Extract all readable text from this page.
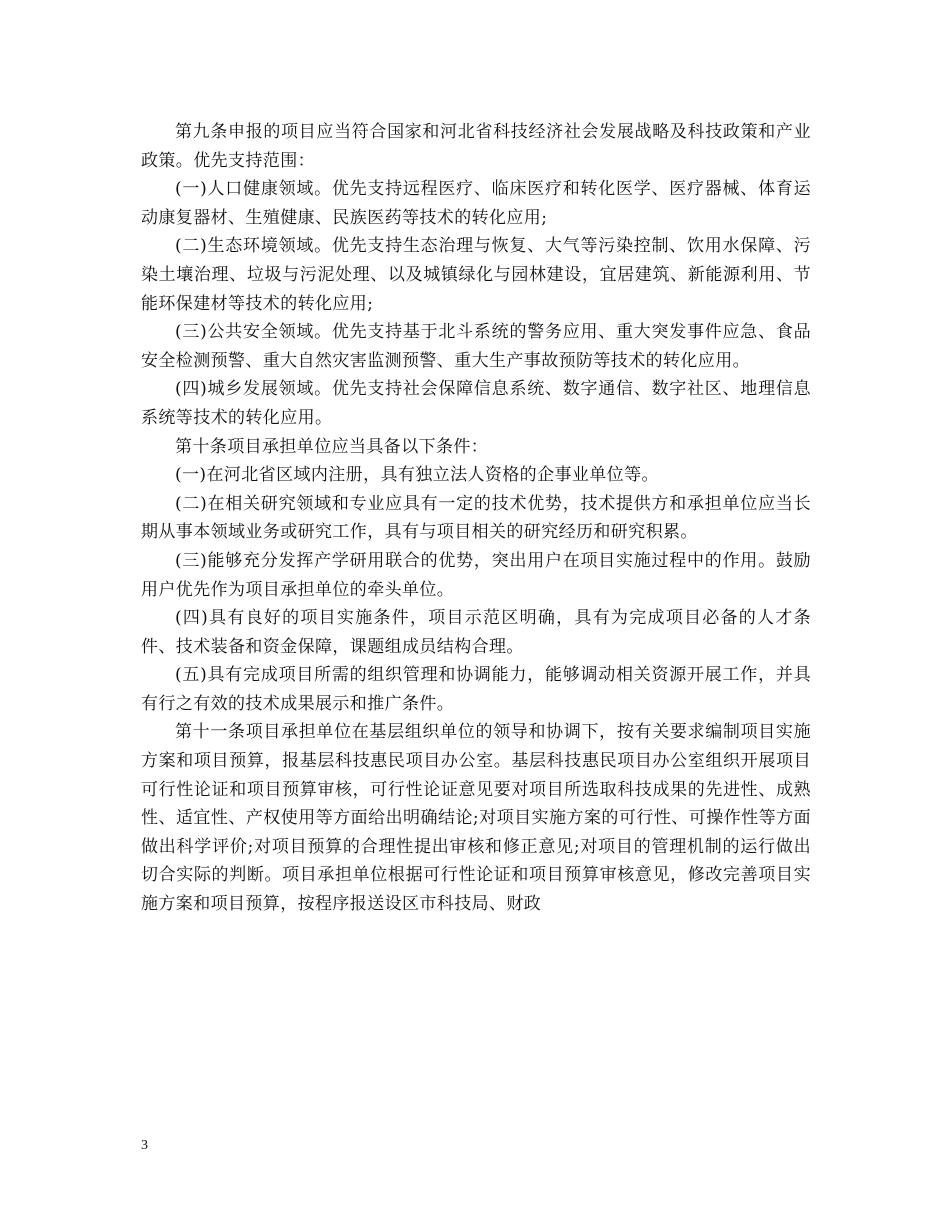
第九条申报的项目应当符合国家和河北省科技经济社会发展战略及科技政策和产业政策。优先支持范围：

(一)人口健康领域。优先支持远程医疗、临床医疗和转化医学、医疗器械、体育运动康复器材、生殖健康、民族医药等技术的转化应用;

(二)生态环境领域。优先支持生态治理与恢复、大气等污染控制、饮用水保障、污染土壤治理、垃圾与污泥处理、以及城镇绿化与园林建设，宜居建筑、新能源利用、节能环保建材等技术的转化应用;

(三)公共安全领域。优先支持基于北斗系统的警务应用、重大突发事件应急、食品安全检测预警、重大自然灾害监测预警、重大生产事故预防等技术的转化应用。

(四)城乡发展领域。优先支持社会保障信息系统、数字通信、数字社区、地理信息系统等技术的转化应用。

第十条项目承担单位应当具备以下条件：

(一)在河北省区域内注册，具有独立法人资格的企事业单位等。

(二)在相关研究领域和专业应具有一定的技术优势，技术提供方和承担单位应当长期从事本领域业务或研究工作，具有与项目相关的研究经历和研究积累。

(三)能够充分发挥产学研用联合的优势，突出用户在项目实施过程中的作用。鼓励用户优先作为项目承担单位的牵头单位。

(四)具有良好的项目实施条件，项目示范区明确，具有为完成项目必备的人才条件、技术装备和资金保障，课题组成员结构合理。

(五)具有完成项目所需的组织管理和协调能力，能够调动相关资源开展工作，并具有行之有效的技术成果展示和推广条件。

第十一条项目承担单位在基层组织单位的领导和协调下，按有关要求编制项目实施方案和项目预算，报基层科技惠民项目办公室。基层科技惠民项目办公室组织开展项目可行性论证和项目预算审核，可行性论证意见要对项目所选取科技成果的先进性、成熟性、适宜性、产权使用等方面给出明确结论;对项目实施方案的可行性、可操作性等方面做出科学评价;对项目预算的合理性提出审核和修正意见;对项目的管理机制的运行做出切合实际的判断。项目承担单位根据可行性论证和项目预算审核意见，修改完善项目实施方案和项目预算，按程序报送设区市科技局、财政

3
